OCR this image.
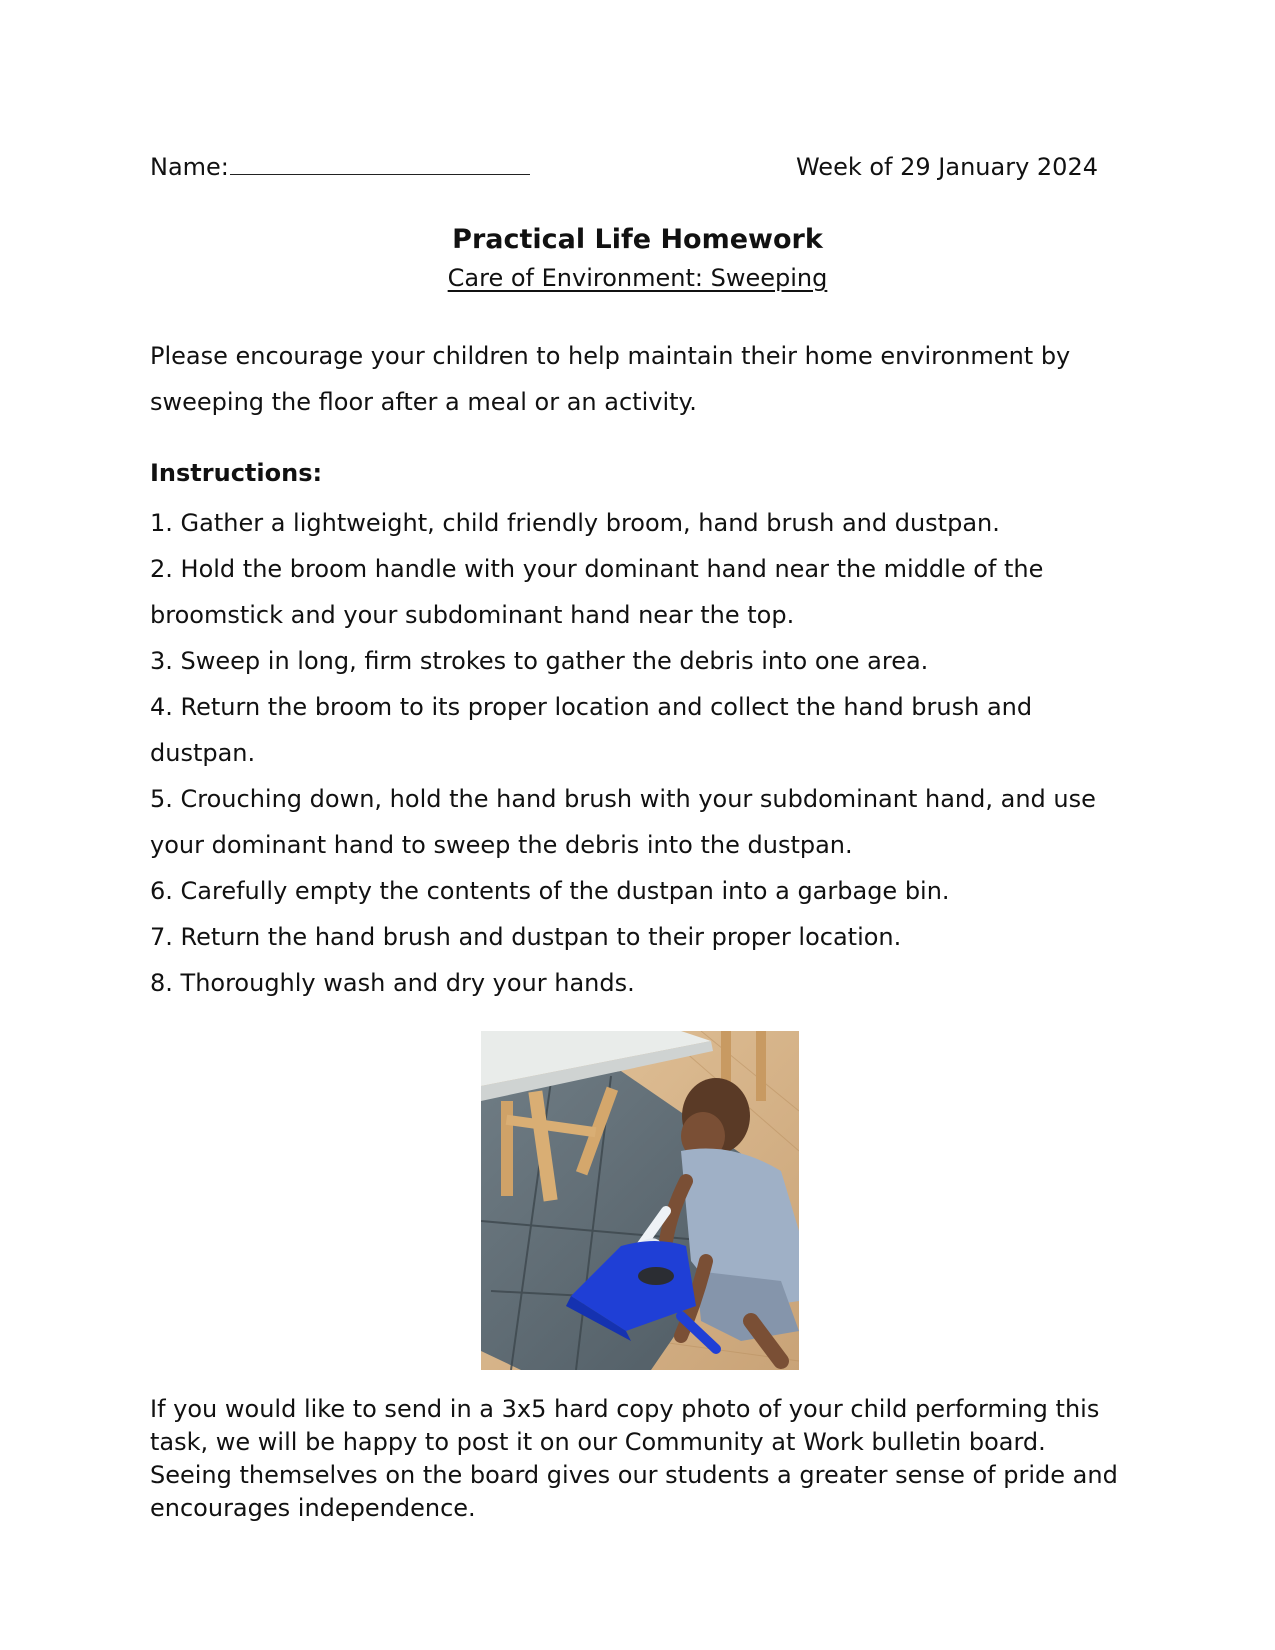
Name:	Week of 29 January 2024
Practical Life Homework
Care of Environment: Sweeping

Please encourage your children to help maintain their home environment by sweeping the floor after a meal or an activity.

Instructions:
1. Gather a lightweight, child friendly broom, hand brush and dustpan.
2. Hold the broom handle with your dominant hand near the middle of the broomstick and your subdominant hand near the top.
3. Sweep in long, firm strokes to gather the debris into one area.
4. Return the broom to its proper location and collect the hand brush and dustpan.
5. Crouching down, hold the hand brush with your subdominant hand, and use your dominant hand to sweep the debris into the dustpan.
6. Carefully empty the contents of the dustpan into a garbage bin.
7. Return the hand brush and dustpan to their proper location.
8. Thoroughly wash and dry your hands.
If you would like to send in a 3x5 hard copy photo of your child performing this task, we will be happy to post it on our Community at Work bulletin board. Seeing themselves on the board gives our students a greater sense of pride and encourages independence.
